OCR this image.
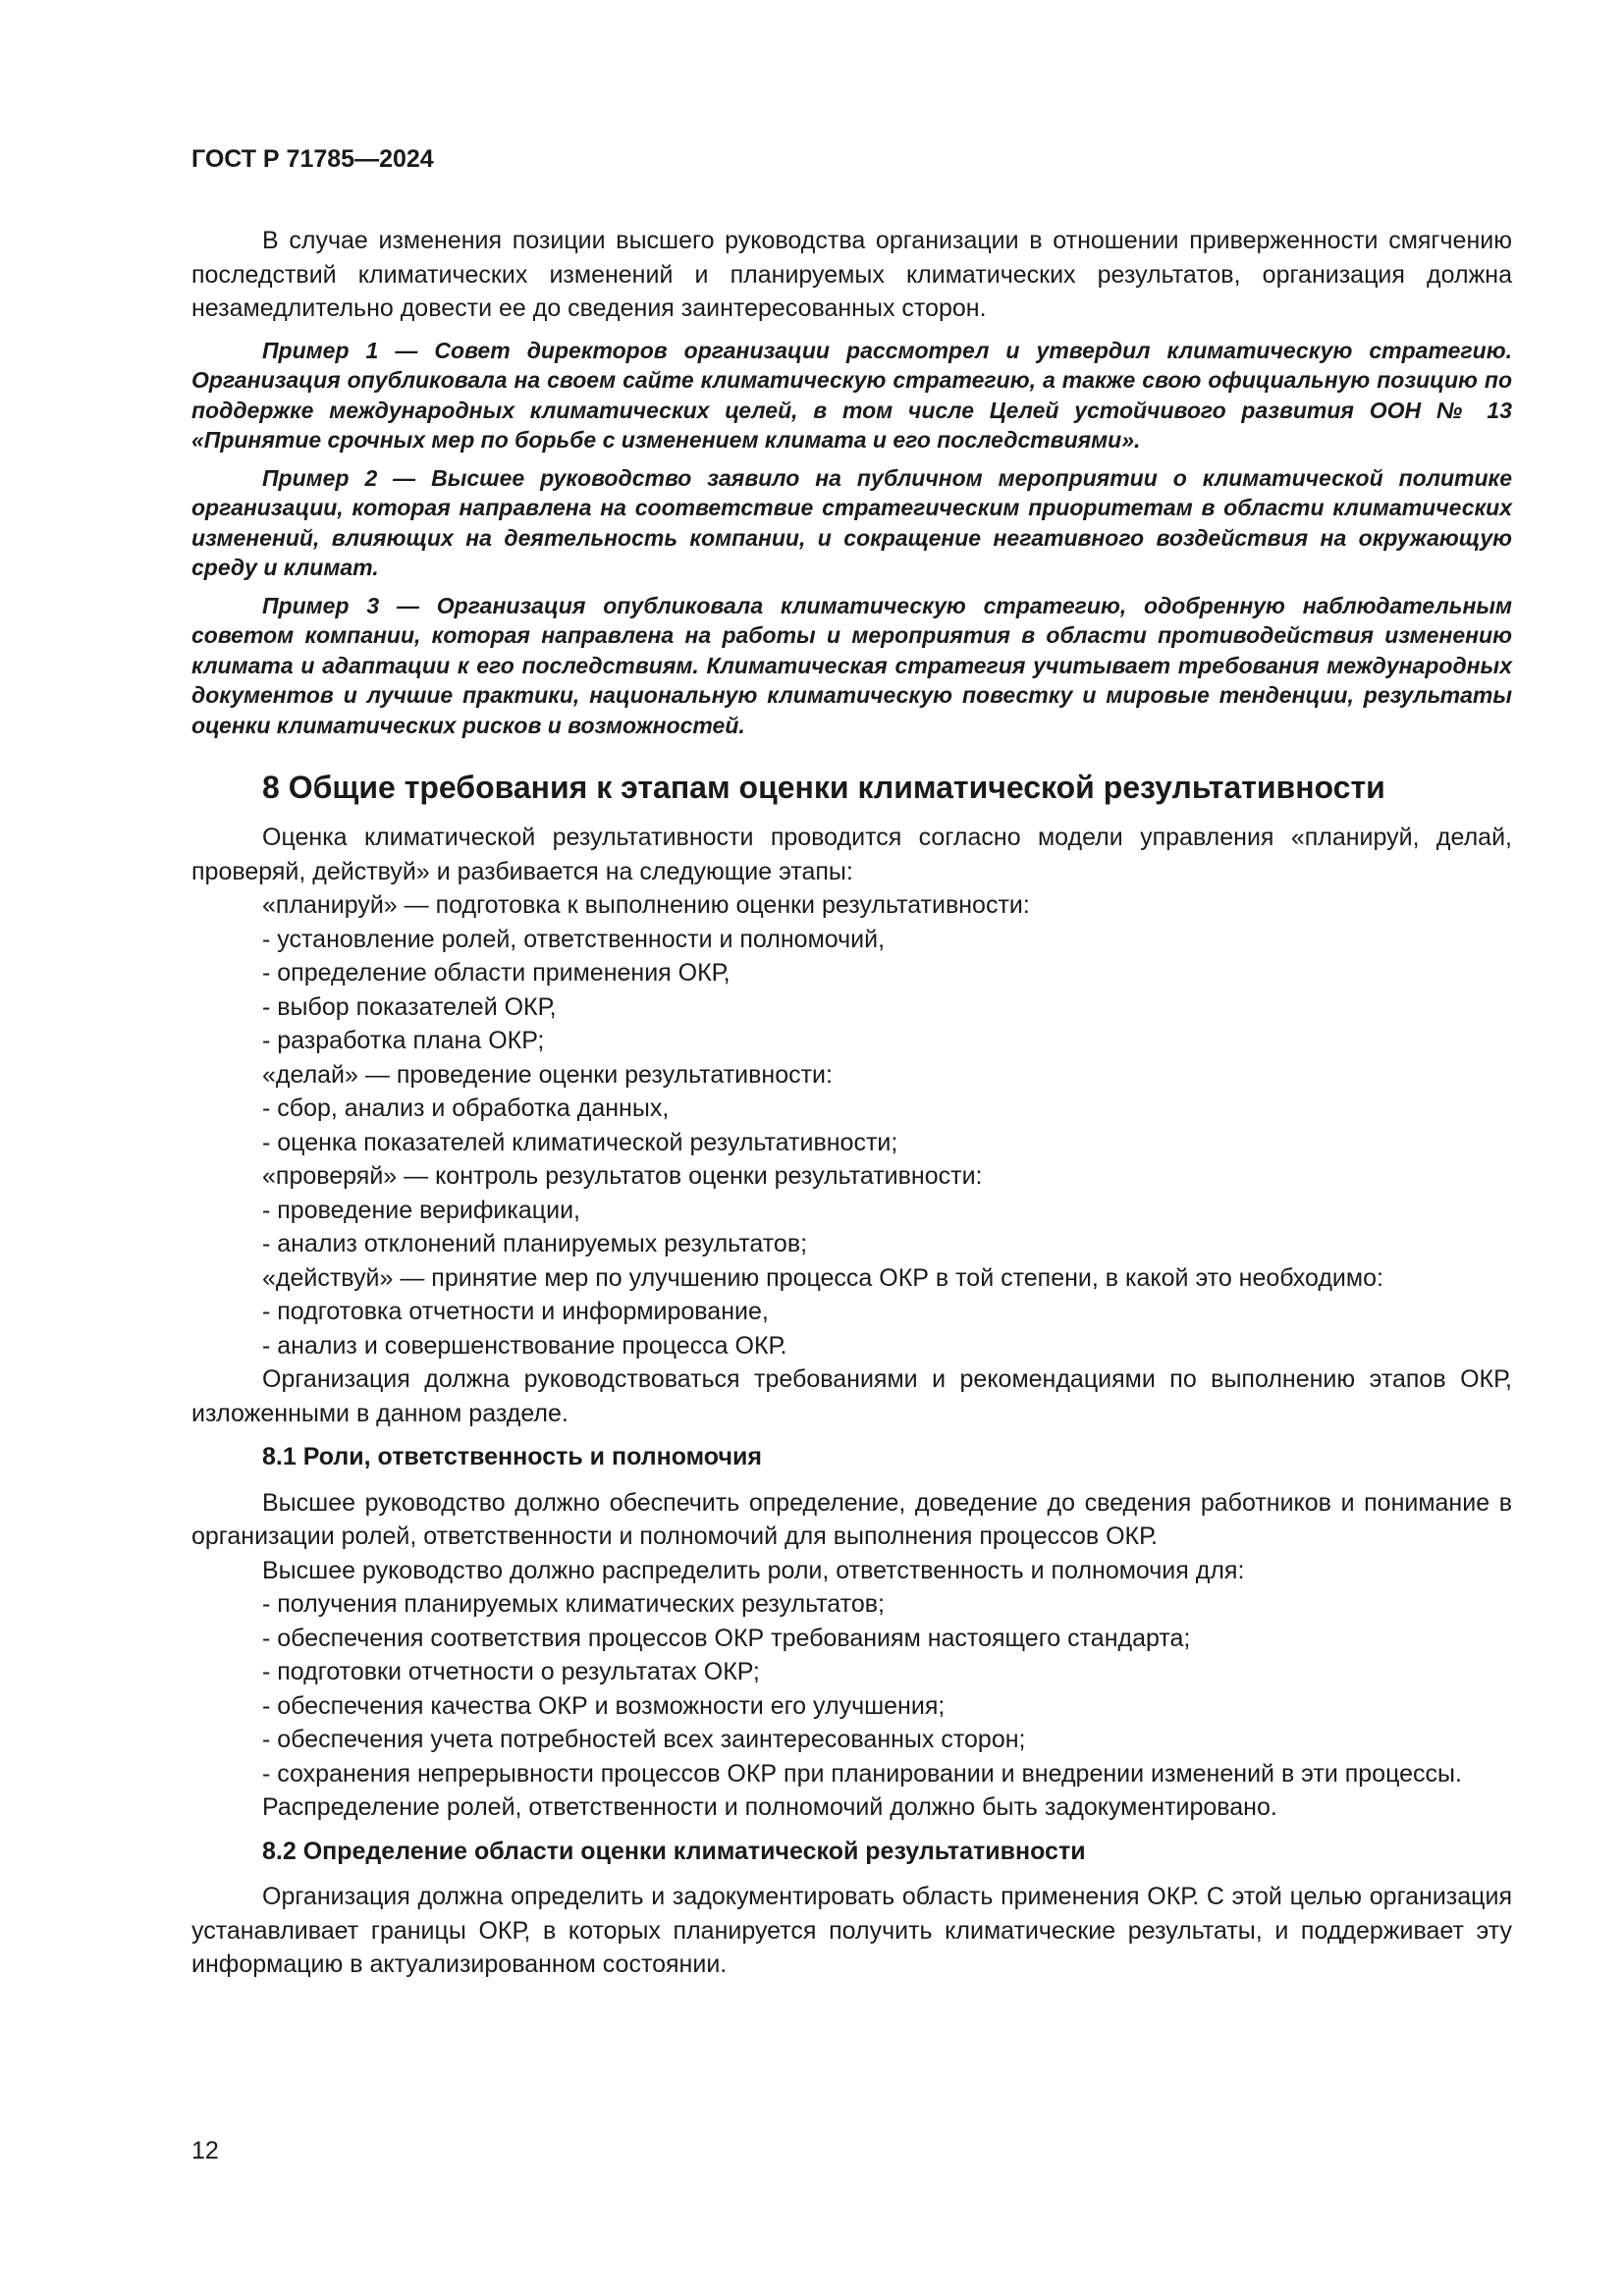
ГОСТ Р 71785—2024

В случае изменения позиции высшего руководства организации в отношении приверженности смягчению последствий климатических изменений и планируемых климатических результатов, организация должна незамедлительно довести ее до сведения заинтересованных сторон.

Пример 1 — Совет директоров организации рассмотрел и утвердил климатическую стратегию. Организация опубликовала на своем сайте климатическую стратегию, а также свою официальную позицию по поддержке международных климатических целей, в том числе Целей устойчивого развития ООН № 13 «Принятие срочных мер по борьбе с изменением климата и его последствиями».

Пример 2 — Высшее руководство заявило на публичном мероприятии о климатической политике организации, которая направлена на соответствие стратегическим приоритетам в области климатических изменений, влияющих на деятельность компании, и сокращение негативного воздействия на окружающую среду и климат.

Пример 3 — Организация опубликовала климатическую стратегию, одобренную наблюдательным советом компании, которая направлена на работы и мероприятия в области противодействия изменению климата и адаптации к его последствиям. Климатическая стратегия учитывает требования международных документов и лучшие практики, национальную климатическую повестку и мировые тенденции, результаты оценки климатических рисков и возможностей.

8 Общие требования к этапам оценки климатической результативности

Оценка климатической результативности проводится согласно модели управления «планируй, делай, проверяй, действуй» и разбивается на следующие этапы:

«планируй» — подготовка к выполнению оценки результативности:

- установление ролей, ответственности и полномочий,

- определение области применения ОКР,

- выбор показателей ОКР,

- разработка плана ОКР;

«делай» — проведение оценки результативности:

- сбор, анализ и обработка данных,

- оценка показателей климатической результативности;

«проверяй» — контроль результатов оценки результативности:

- проведение верификации,

- анализ отклонений планируемых результатов;

«действуй» — принятие мер по улучшению процесса ОКР в той степени, в какой это необходимо:

- подготовка отчетности и информирование,

- анализ и совершенствование процесса ОКР.

Организация должна руководствоваться требованиями и рекомендациями по выполнению этапов ОКР, изложенными в данном разделе.

8.1 Роли, ответственность и полномочия

Высшее руководство должно обеспечить определение, доведение до сведения работников и понимание в организации ролей, ответственности и полномочий для выполнения процессов ОКР.

Высшее руководство должно распределить роли, ответственность и полномочия для:

- получения планируемых климатических результатов;

- обеспечения соответствия процессов ОКР требованиям настоящего стандарта;

- подготовки отчетности о результатах ОКР;

- обеспечения качества ОКР и возможности его улучшения;

- обеспечения учета потребностей всех заинтересованных сторон;

- сохранения непрерывности процессов ОКР при планировании и внедрении изменений в эти процессы.

Распределение ролей, ответственности и полномочий должно быть задокументировано.

8.2 Определение области оценки климатической результативности

Организация должна определить и задокументировать область применения ОКР. С этой целью организация устанавливает границы ОКР, в которых планируется получить климатические результаты, и поддерживает эту информацию в актуализированном состоянии.

12
